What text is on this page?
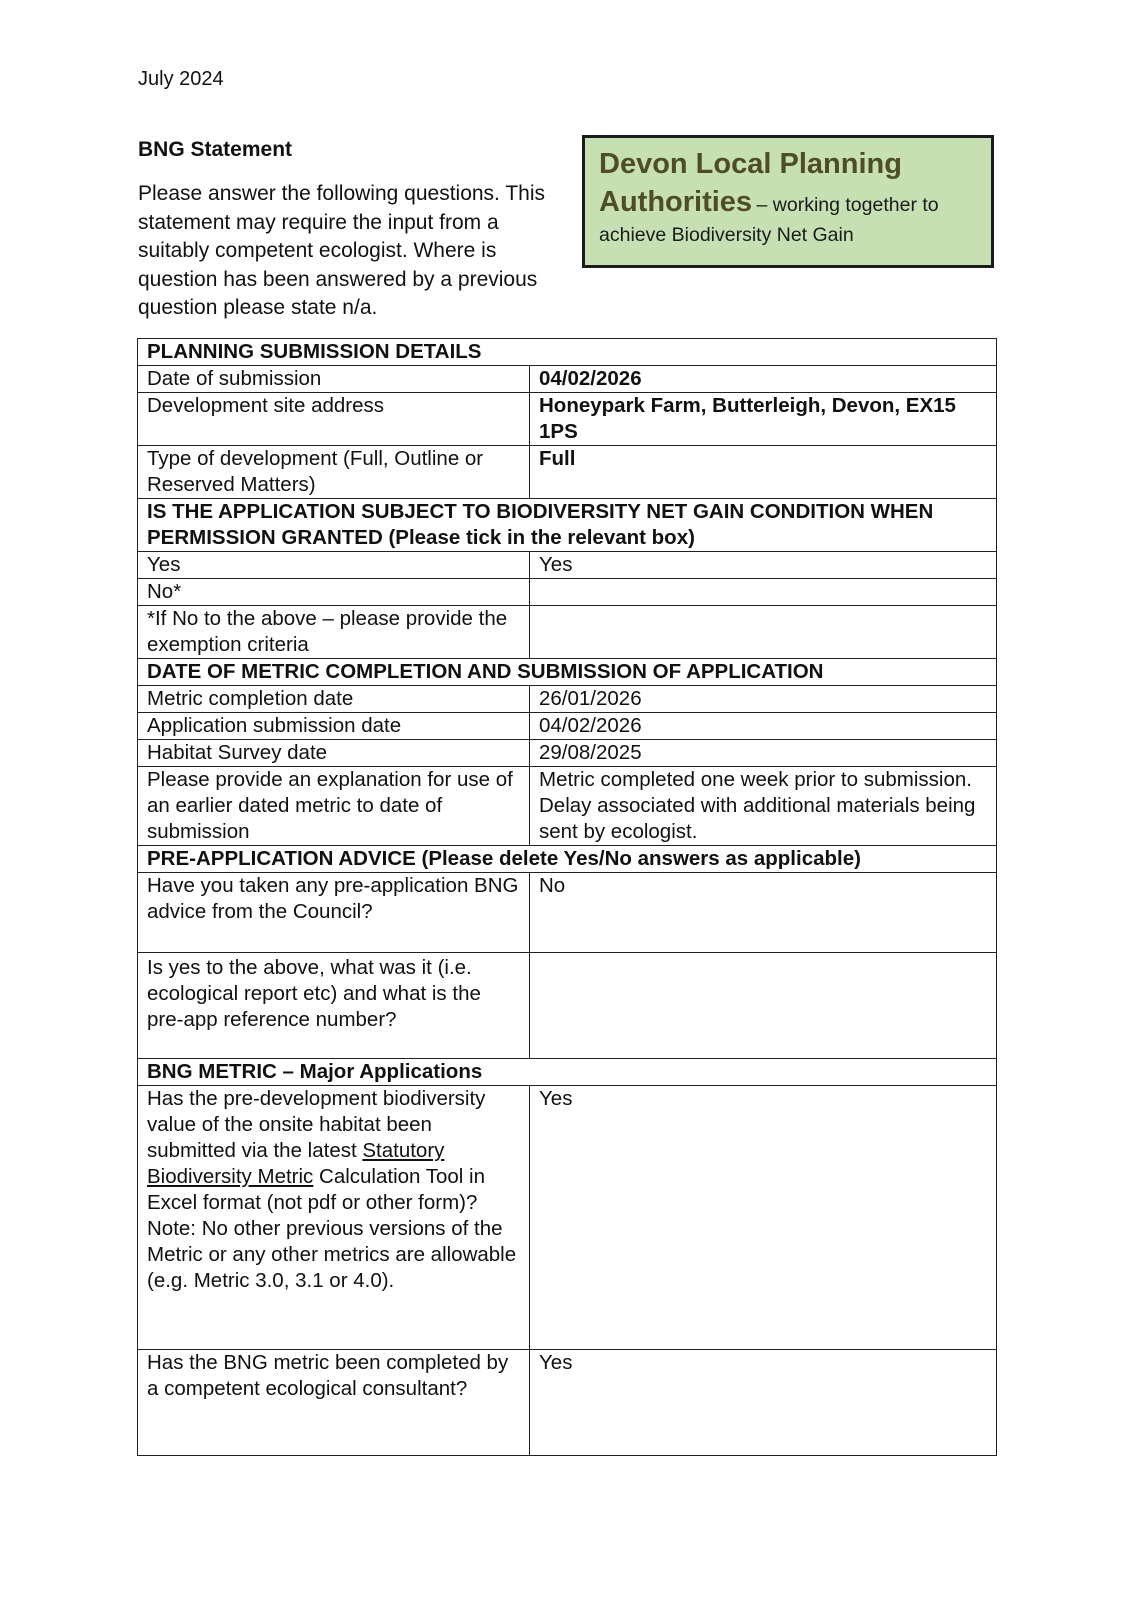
July 2024
BNG Statement
Please answer the following questions. This statement may require the input from a suitably competent ecologist. Where is question has been answered by a previous question please state n/a.
Devon Local Planning Authorities – working together to achieve Biodiversity Net Gain
PLANNING SUBMISSION DETAILS	
Date of submission	04/02/2026
Development site address	Honeypark Farm, Butterleigh, Devon, EX15 1PS
Type of development (Full, Outline or Reserved Matters)	Full
IS THE APPLICATION SUBJECT TO BIODIVERSITY NET GAIN CONDITION WHEN PERMISSION GRANTED (Please tick in the relevant box)	
Yes	Yes
No*	
*If No to the above – please provide the exemption criteria	
DATE OF METRIC COMPLETION AND SUBMISSION OF APPLICATION	
Metric completion date	26/01/2026
Application submission date	04/02/2026
Habitat Survey date	29/08/2025
Please provide an explanation for use of an earlier dated metric to date of submission	Metric completed one week prior to submission. Delay associated with additional materials being sent by ecologist.
PRE-APPLICATION ADVICE (Please delete Yes/No answers as applicable)	
Have you taken any pre-application BNG advice from the Council?	No
Is yes to the above, what was it (i.e. ecological report etc) and what is the pre-app reference number?	
BNG METRIC – Major Applications	
Has the pre-development biodiversity value of the onsite habitat been submitted via the latest Statutory Biodiversity Metric Calculation Tool in Excel format (not pdf or other form)? Note: No other previous versions of the Metric or any other metrics are allowable (e.g. Metric 3.0, 3.1 or 4.0).	Yes
Has the BNG metric been completed by a competent ecological consultant?	Yes
